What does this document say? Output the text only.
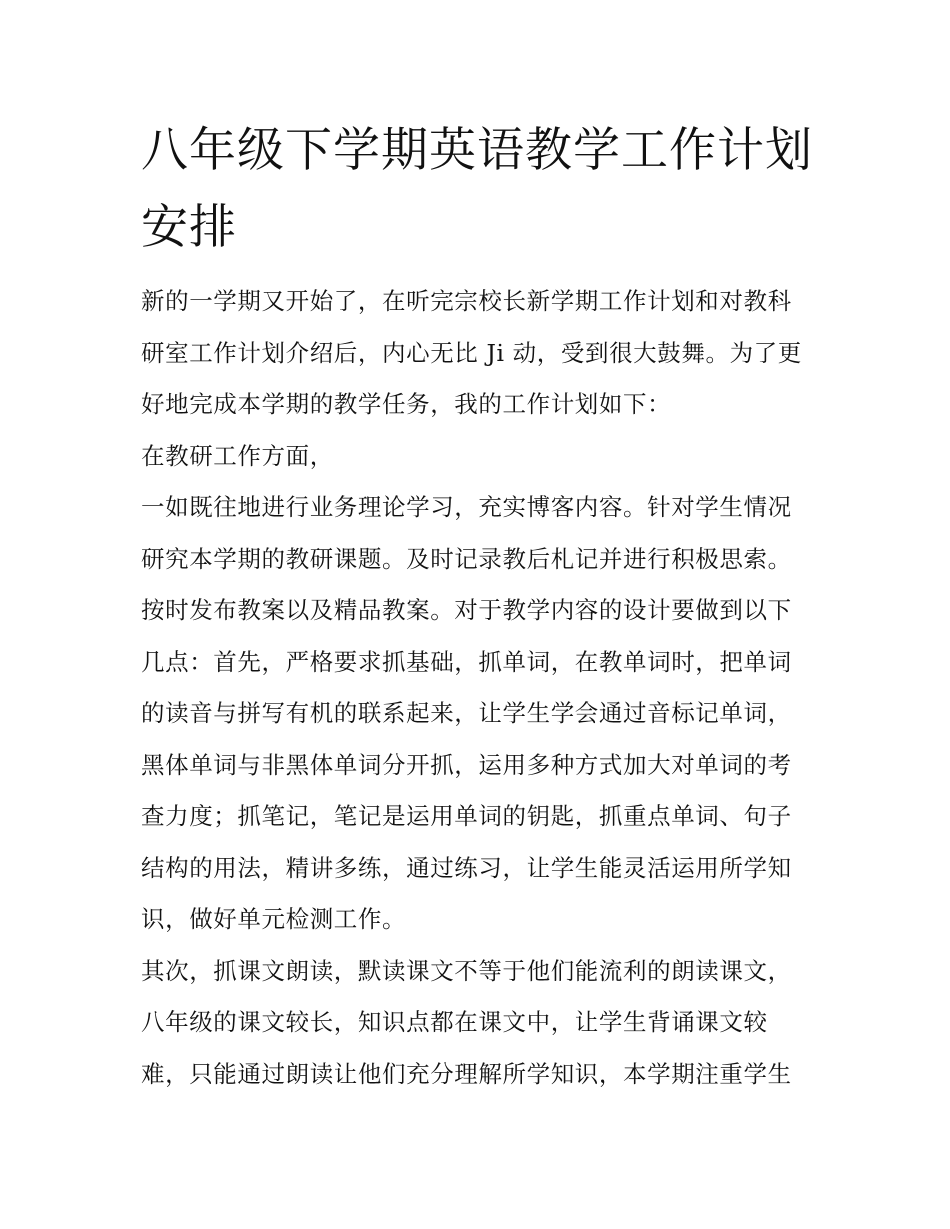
八年级下学期英语教学工作计划安排
新的一学期又开始了，在听完宗校长新学期工作计划和对教科
研室工作计划介绍后，内心无比 Ji 动，受到很大鼓舞。为了更
好地完成本学期的教学任务，我的工作计划如下：
在教研工作方面，
一如既往地进行业务理论学习，充实博客内容。针对学生情况
研究本学期的教研课题。及时记录教后札记并进行积极思索。
按时发布教案以及精品教案。对于教学内容的设计要做到以下
几点：首先，严格要求抓基础，抓单词，在教单词时，把单词
的读音与拼写有机的联系起来，让学生学会通过音标记单词，
黑体单词与非黑体单词分开抓，运用多种方式加大对单词的考
查力度；抓笔记，笔记是运用单词的钥匙，抓重点单词、句子
结构的用法，精讲多练，通过练习，让学生能灵活运用所学知
识，做好单元检测工作。
其次，抓课文朗读，默读课文不等于他们能流利的朗读课文，
八年级的课文较长，知识点都在课文中，让学生背诵课文较
难，只能通过朗读让他们充分理解所学知识，本学期注重学生
